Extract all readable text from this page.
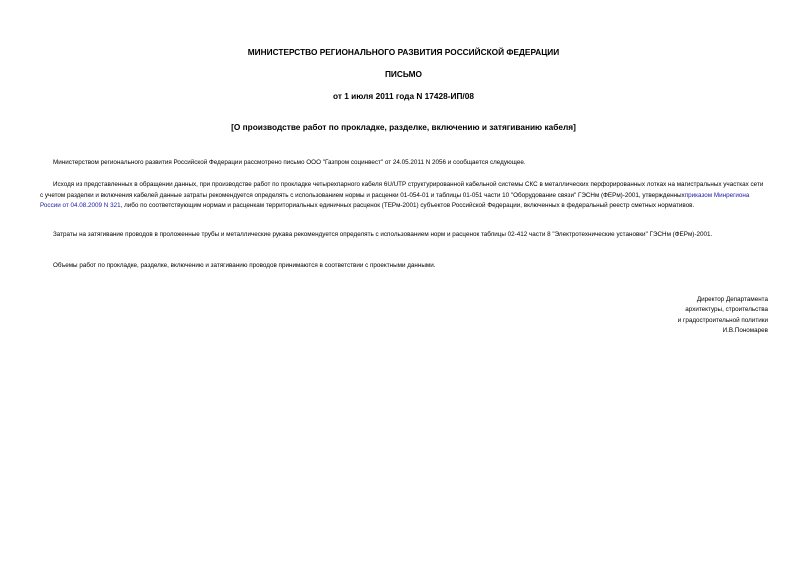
МИНИСТЕРСТВО РЕГИОНАЛЬНОГО РАЗВИТИЯ РОССИЙСКОЙ ФЕДЕРАЦИИ
ПИСЬМО
от 1 июля 2011 года N 17428-ИП/08
[О производстве работ по прокладке, разделке, включению и затягиванию кабеля]

Министерством регионального развития Российской Федерации рассмотрено письмо ООО "Газпром социнвест" от 24.05.2011 N 2056 и сообщается следующее.

Исходя из представленных в обращении данных, при производстве работ по прокладке четырехпарного кабеля 6U/UTP структурированной кабельной системы СКС в металлических перфорированных лотках на магистральных участках сети с учетом разделки и включения кабелей данные затраты рекомендуется определять с использованием нормы и расценки 01-054-01 и таблицы 01-051 части 10 "Оборудование связи" ГЭСНм (ФЕРм)-2001, утвержденныхприказом Минрегиона России от 04.08.2009 N 321, либо по соответствующим нормам и расценкам территориальных единичных расценок (ТЕРм-2001) субъектов Российской Федерации, включенных в федеральный реестр сметных нормативов.

Затраты на затягивание проводов в проложенные трубы и металлические рукава рекомендуется определять с использованием норм и расценок таблицы 02-412 части 8 "Электротехнические установки" ГЭСНм (ФЕРм)-2001.

Объемы работ по прокладке, разделке, включению и затягиванию проводов принимаются в соответствии с проектными данными.

Директор Департамента
архитектуры, строительства
и градостроительной политики
И.В.Пономарев
